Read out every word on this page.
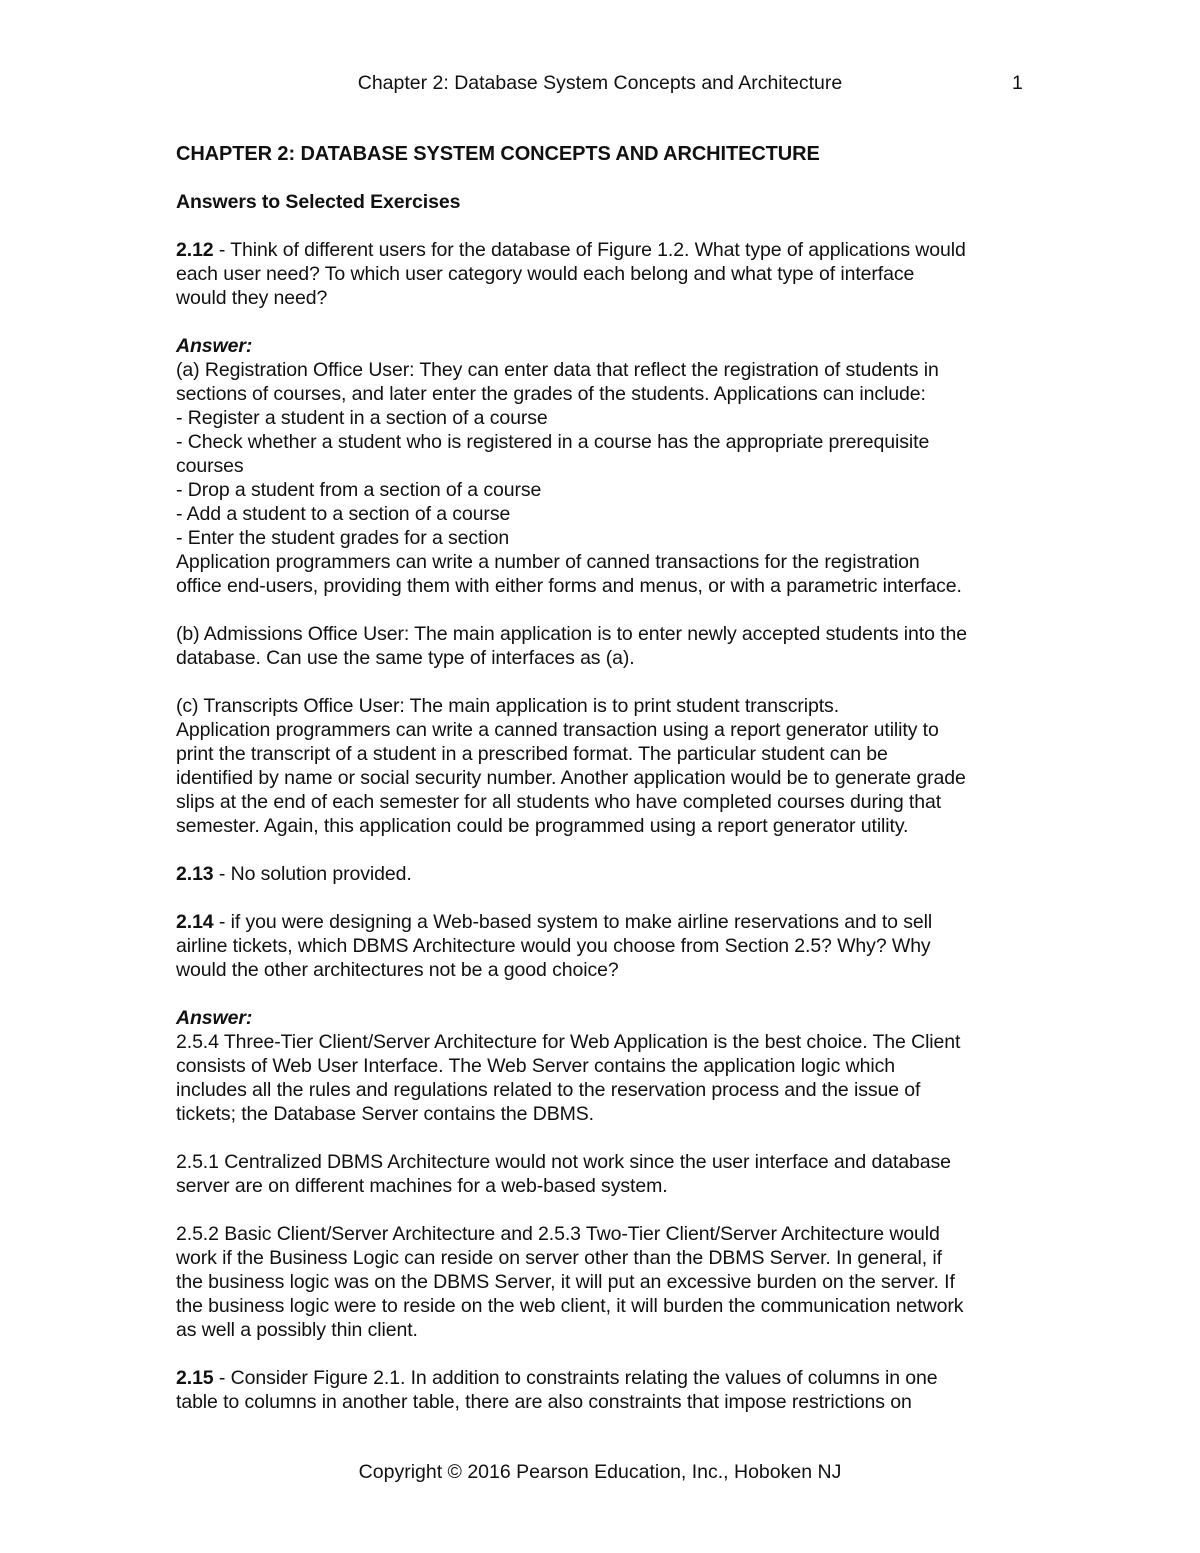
Chapter 2: Database System Concepts and Architecture	1

CHAPTER 2: DATABASE SYSTEM CONCEPTS AND ARCHITECTURE

Answers to Selected Exercises

2.12 - Think of different users for the database of Figure 1.2. What type of applications would

each user need? To which user category would each belong and what type of interface

would they need?

Answer:

(a) Registration Office User: They can enter data that reflect the registration of students in

sections of courses, and later enter the grades of the students. Applications can include:

- Register a student in a section of a course

- Check whether a student who is registered in a course has the appropriate prerequisite

courses

- Drop a student from a section of a course

- Add a student to a section of a course

- Enter the student grades for a section

Application programmers can write a number of canned transactions for the registration

office end-users, providing them with either forms and menus, or with a parametric interface.

(b) Admissions Office User: The main application is to enter newly accepted students into the

database. Can use the same type of interfaces as (a).

(c) Transcripts Office User: The main application is to print student transcripts.

Application programmers can write a canned transaction using a report generator utility to

print the transcript of a student in a prescribed format. The particular student can be

identified by name or social security number. Another application would be to generate grade

slips at the end of each semester for all students who have completed courses during that

semester. Again, this application could be programmed using a report generator utility.

2.13 - No solution provided.

2.14 - if you were designing a Web-based system to make airline reservations and to sell

airline tickets, which DBMS Architecture would you choose from Section 2.5? Why? Why

would the other architectures not be a good choice?

Answer:

2.5.4 Three-Tier Client/Server Architecture for Web Application is the best choice. The Client

consists of Web User Interface. The Web Server contains the application logic which

includes all the rules and regulations related to the reservation process and the issue of

tickets; the Database Server contains the DBMS.

2.5.1 Centralized DBMS Architecture would not work since the user interface and database

server are on different machines for a web-based system.

2.5.2 Basic Client/Server Architecture and 2.5.3 Two-Tier Client/Server Architecture would

work if the Business Logic can reside on server other than the DBMS Server. In general, if

the business logic was on the DBMS Server, it will put an excessive burden on the server. If

the business logic were to reside on the web client, it will burden the communication network

as well a possibly thin client.

2.15 - Consider Figure 2.1. In addition to constraints relating the values of columns in one

table to columns in another table, there are also constraints that impose restrictions on

Copyright © 2016 Pearson Education, Inc., Hoboken NJ
